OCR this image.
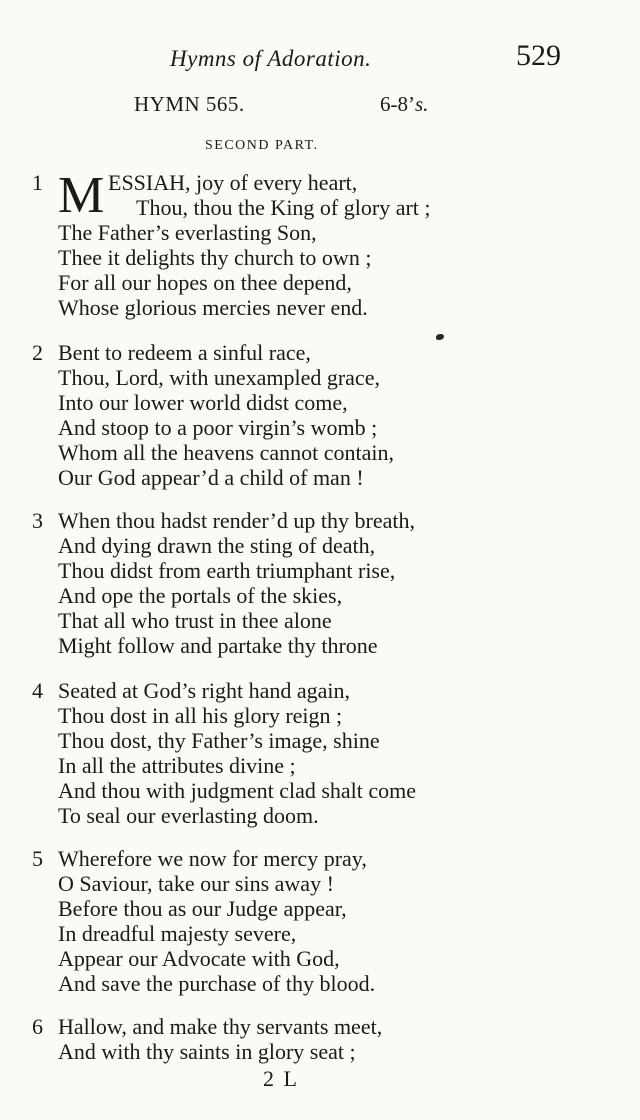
Hymns of Adoration.	529
HYMN 565.	6-8’s.
SECOND PART.
1 M ESSIAH, joy of every heart,
Thou, thou the King of glory art ;
The Father’s everlasting Son,
Thee it delights thy church to own ;
For all our hopes on thee depend,
Whose glorious mercies never end.
2 Bent to redeem a sinful race,
Thou, Lord, with unexampled grace,
Into our lower world didst come,
And stoop to a poor virgin’s womb ;
Whom all the heavens cannot contain,
Our God appear’d a child of man !
3 When thou hadst render’d up thy breath,
And dying drawn the sting of death,
Thou didst from earth triumphant rise,
And ope the portals of the skies,
That all who trust in thee alone
Might follow and partake thy throne
4 Seated at God’s right hand again,
Thou dost in all his glory reign ;
Thou dost, thy Father’s image, shine
In all the attributes divine ;
And thou with judgment clad shalt come
To seal our everlasting doom.
5 Wherefore we now for mercy pray,
O Saviour, take our sins away !
Before thou as our Judge appear,
In dreadful majesty severe,
Appear our Advocate with God,
And save the purchase of thy blood.
6 Hallow, and make thy servants meet,
And with thy saints in glory seat ;
2 L
